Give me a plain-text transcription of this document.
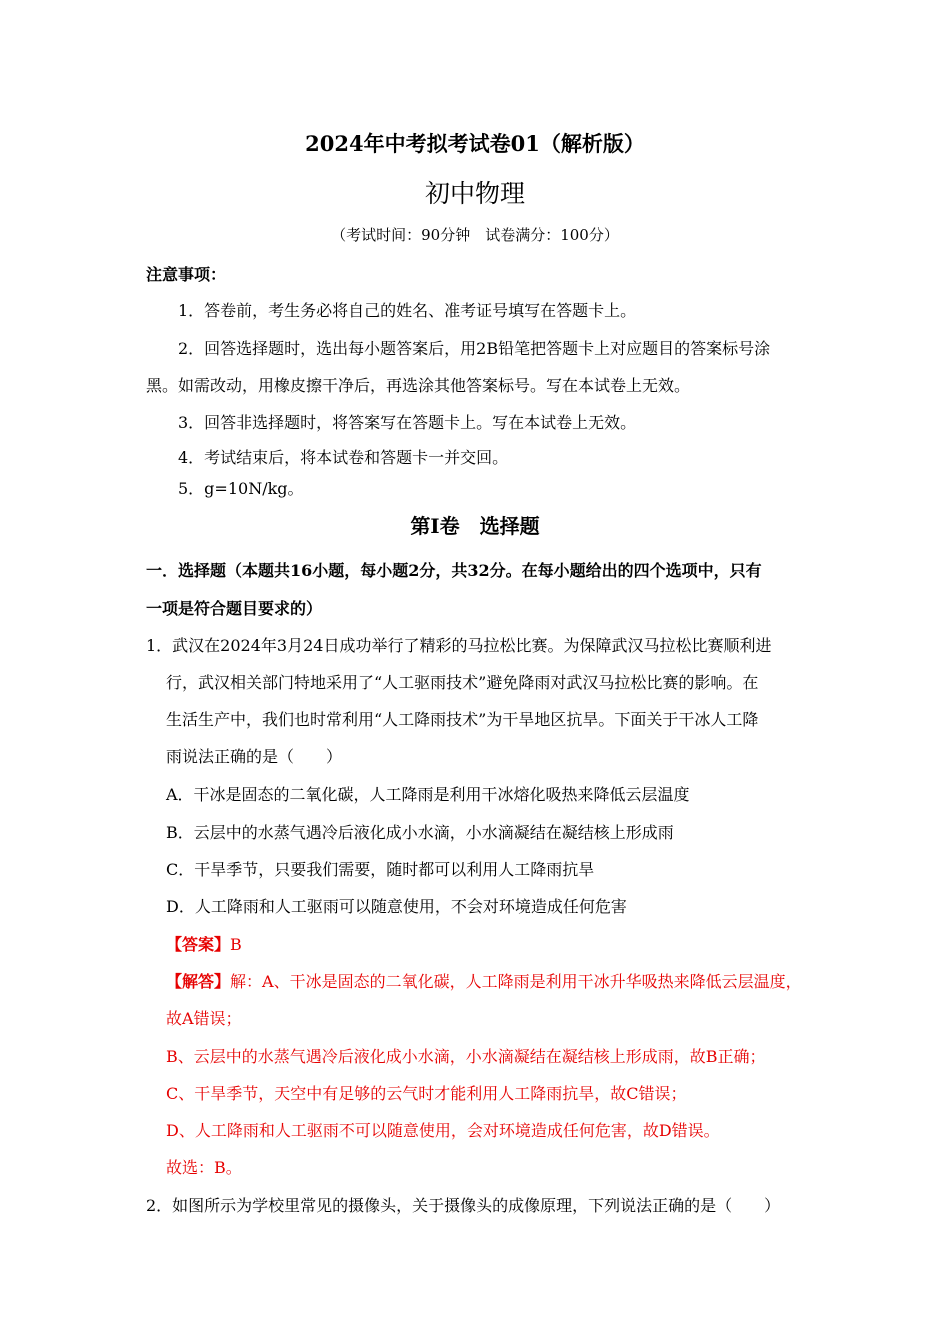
2024年中考拟考试卷01（解析版）
初中物理
（考试时间：90分钟　试卷满分：100分）
注意事项：
1．答卷前，考生务必将自己的姓名、准考证号填写在答题卡上。
2．回答选择题时，选出每小题答案后，用2B铅笔把答题卡上对应题目的答案标号涂
黑。如需改动，用橡皮擦干净后，再选涂其他答案标号。写在本试卷上无效。
3．回答非选择题时，将答案写在答题卡上。写在本试卷上无效。
4．考试结束后，将本试卷和答题卡一并交回。
5．g=10N/kg。
第Ⅰ卷　选择题
一．选择题（本题共16小题，每小题2分，共32分。在每小题给出的四个选项中，只有
一项是符合题目要求的）
1．武汉在2024年3月24日成功举行了精彩的马拉松比赛。为保障武汉马拉松比赛顺利进
行，武汉相关部门特地采用了“人工驱雨技术”避免降雨对武汉马拉松比赛的影响。在
生活生产中，我们也时常利用“人工降雨技术”为干旱地区抗旱。下面关于干冰人工降
雨说法正确的是（　　）
A．干冰是固态的二氧化碳，人工降雨是利用干冰熔化吸热来降低云层温度
B．云层中的水蒸气遇冷后液化成小水滴，小水滴凝结在凝结核上形成雨
C．干旱季节，只要我们需要，随时都可以利用人工降雨抗旱
D．人工降雨和人工驱雨可以随意使用，不会对环境造成任何危害
【答案】B
【解答】解：A、干冰是固态的二氧化碳，人工降雨是利用干冰升华吸热来降低云层温度，
故A错误；
B、云层中的水蒸气遇冷后液化成小水滴，小水滴凝结在凝结核上形成雨，故B正确；
C、干旱季节，天空中有足够的云气时才能利用人工降雨抗旱，故C错误；
D、人工降雨和人工驱雨不可以随意使用，会对环境造成任何危害，故D错误。
故选：B。
2．如图所示为学校里常见的摄像头，关于摄像头的成像原理，下列说法正确的是（　　）
